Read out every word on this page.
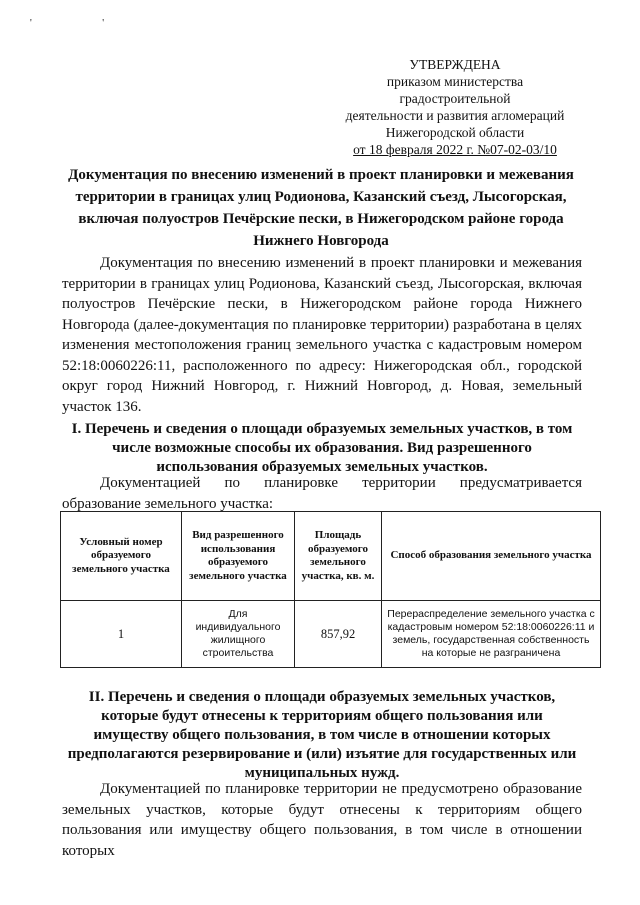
' '
УТВЕРЖДЕНА
приказом министерства градостроительной
деятельности и развития агломераций
Нижегородской области
от 18 февраля 2022 г. №07-02-03/10
Документация по внесению изменений в проект планировки и межевания территории в границах улиц Родионова, Казанский съезд, Лысогорская, включая полуостров Печёрские пески, в Нижегородском районе города Нижнего Новгорода
Документация по внесению изменений в проект планировки и межевания территории в границах улиц Родионова, Казанский съезд, Лысогорская, включая полуостров Печёрские пески, в Нижегородском районе города Нижнего Новгорода (далее-документация по планировке территории) разработана в целях изменения местоположения границ земельного участка с кадастровым номером 52:18:0060226:11, расположенного по адресу: Нижегородская обл., городской округ город Нижний Новгород, г. Нижний Новгород, д. Новая, земельный участок 136.
I. Перечень и сведения о площади образуемых земельных участков, в том числе возможные способы их образования. Вид разрешенного использования образуемых земельных участков.
Документацией по планировке территории предусматривается образование земельного участка:
Условный номер образуемого земельного участка	Вид разрешенного использования образуемого земельного участка	Площадь образуемого земельного участка, кв. м.	Способ образования земельного участка
1	Для индивидуального жилищного строительства	857,92	Перераспределение земельного участка с кадастровым номером 52:18:0060226:11 и земель, государственная собственность на которые не разграничена
II. Перечень и сведения о площади образуемых земельных участков, которые будут отнесены к территориям общего пользования или имуществу общего пользования, в том числе в отношении которых предполагаются резервирование и (или) изъятие для государственных или муниципальных нужд.
Документацией по планировке территории не предусмотрено образование земельных участков, которые будут отнесены к территориям общего пользования или имуществу общего пользования, в том числе в отношении которых
